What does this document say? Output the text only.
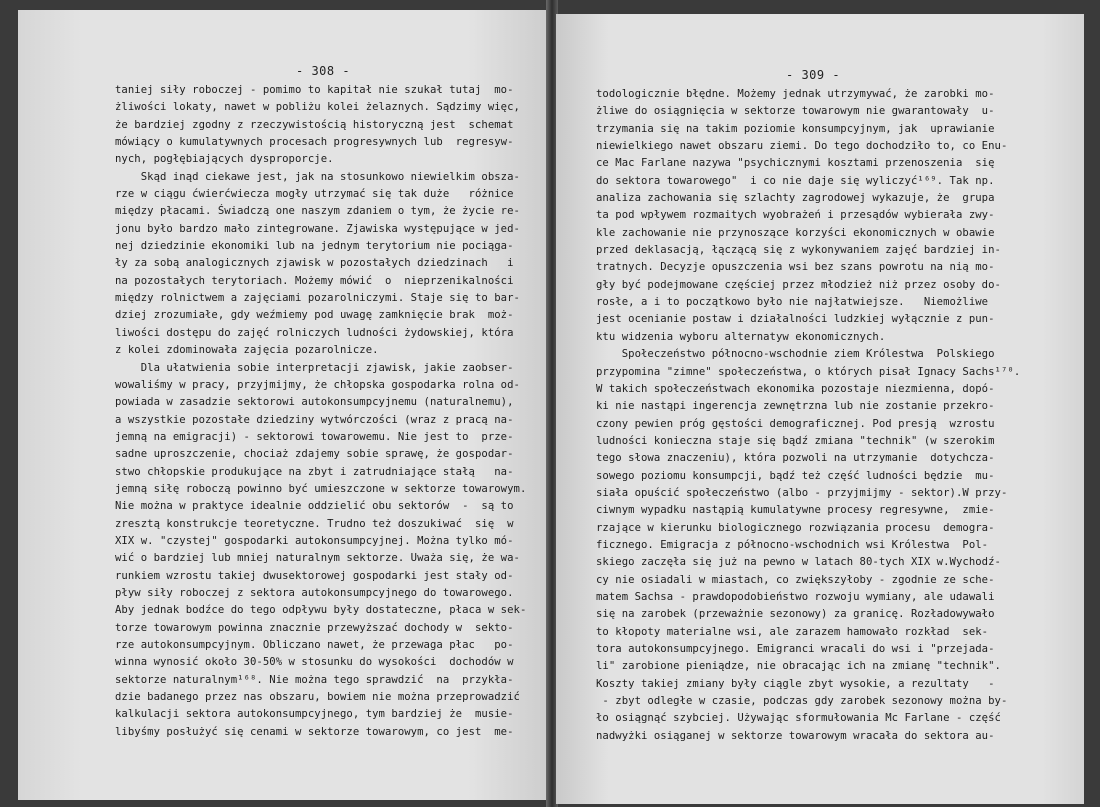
- 308 -
taniej siły roboczej - pomimo to kapitał nie szukał tutaj  mo-
żliwości lokaty, nawet w pobliżu kolei żelaznych. Sądzimy więc,
że bardziej zgodny z rzeczywistością historyczną jest  schemat
mówiący o kumulatywnych procesach progresywnych lub  regresyw-
nych, pogłębiających dysproporcje.
Skąd inąd ciekawe jest, jak na stosunkowo niewielkim obsza-
rze w ciągu ćwierćwiecza mogły utrzymać się tak duże   różnice
między płacami. Świadczą one naszym zdaniem o tym, że życie re-
jonu było bardzo mało zintegrowane. Zjawiska występujące w jed-
nej dziedzinie ekonomiki lub na jednym terytorium nie pociąga-
ły za sobą analogicznych zjawisk w pozostałych dziedzinach   i
na pozostałych terytoriach. Możemy mówić  o  nieprzenikalności
między rolnictwem a zajęciami pozarolniczymi. Staje się to bar-
dziej zrozumiałe, gdy weźmiemy pod uwagę zamknięcie brak  moż-
liwości dostępu do zajęć rolniczych ludności żydowskiej, która
z kolei zdominowała zajęcia pozarolnicze.
Dla ułatwienia sobie interpretacji zjawisk, jakie zaobser-
wowaliśmy w pracy, przyjmijmy, że chłopska gospodarka rolna od-
powiada w zasadzie sektorowi autokonsumpcyjnemu (naturalnemu),
a wszystkie pozostałe dziedziny wytwórczości (wraz z pracą na-
jemną na emigracji) - sektorowi towarowemu. Nie jest to  prze-
sadne uproszczenie, chociaż zdajemy sobie sprawę, że gospodar-
stwo chłopskie produkujące na zbyt i zatrudniające stałą   na-
jemną siłę roboczą powinno być umieszczone w sektorze towarowym.
Nie można w praktyce idealnie oddzielić obu sektorów  -  są to
zresztą konstrukcje teoretyczne. Trudno też doszukiwać  się  w
XIX w. "czystej" gospodarki autokonsumpcyjnej. Można tylko mó-
wić o bardziej lub mniej naturalnym sektorze. Uważa się, że wa-
runkiem wzrostu takiej dwusektorowej gospodarki jest stały od-
pływ siły roboczej z sektora autokonsumpcyjnego do towarowego.
Aby jednak bodźce do tego odpływu były dostateczne, płaca w sek-
torze towarowym powinna znacznie przewyższać dochody w  sekto-
rze autokonsumpcyjnym. Obliczano nawet, że przewaga płac   po-
winna wynosić około 30-50% w stosunku do wysokości  dochodów w
sektorze naturalnym¹⁶⁸. Nie można tego sprawdzić  na  przykła-
dzie badanego przez nas obszaru, bowiem nie można przeprowadzić
kalkulacji sektora autokonsumpcyjnego, tym bardziej że  musie-
libyśmy posłużyć się cenami w sektorze towarowym, co jest  me-
- 309 -
todologicznie błędne. Możemy jednak utrzymywać, że zarobki mo-
żliwe do osiągnięcia w sektorze towarowym nie gwarantowały  u-
trzymania się na takim poziomie konsumpcyjnym, jak  uprawianie
niewielkiego nawet obszaru ziemi. Do tego dochodziło to, co Enu-
ce Mac Farlane nazywa "psychicznymi kosztami przenoszenia  się
do sektora towarowego"  i co nie daje się wyliczyć¹⁶⁹. Tak np.
analiza zachowania się szlachty zagrodowej wykazuje, że  grupa
ta pod wpływem rozmaitych wyobrażeń i przesądów wybierała zwy-
kle zachowanie nie przynoszące korzyści ekonomicznych w obawie
przed deklasacją, łączącą się z wykonywaniem zajęć bardziej in-
tratnych. Decyzje opuszczenia wsi bez szans powrotu na nią mo-
gły być podejmowane częściej przez młodzież niż przez osoby do-
rosłe, a i to początkowo było nie najłatwiejsze.   Niemożliwe
jest ocenianie postaw i działalności ludzkiej wyłącznie z pun-
ktu widzenia wyboru alternatyw ekonomicznych.
Społeczeństwo północno-wschodnie ziem Królestwa  Polskiego
przypomina "zimne" społeczeństwa, o których pisał Ignacy Sachs¹⁷⁰.
W takich społeczeństwach ekonomika pozostaje niezmienna, dopó-
ki nie nastąpi ingerencja zewnętrzna lub nie zostanie przekro-
czony pewien próg gęstości demograficznej. Pod presją  wzrostu
ludności konieczna staje się bądź zmiana "technik" (w szerokim
tego słowa znaczeniu), która pozwoli na utrzymanie  dotychcza-
sowego poziomu konsumpcji, bądź też część ludności będzie  mu-
siała opuścić społeczeństwo (albo - przyjmijmy - sektor).W przy-
ciwnym wypadku nastąpią kumulatywne procesy regresywne,  zmie-
rzające w kierunku biologicznego rozwiązania procesu  demogra-
ficznego. Emigracja z północno-wschodnich wsi Królestwa  Pol-
skiego zaczęła się już na pewno w latach 80-tych XIX w.Wychodź-
cy nie osiadali w miastach, co zwiększyłoby - zgodnie ze sche-
matem Sachsa - prawdopodobieństwo rozwoju wymiany, ale udawali
się na zarobek (przeważnie sezonowy) za granicę. Rozładowywało
to kłopoty materialne wsi, ale zarazem hamowało rozkład  sek-
tora autokonsumpcyjnego. Emigranci wracali do wsi i "przejada-
li" zarobione pieniądze, nie obracając ich na zmianę "technik".
Koszty takiej zmiany były ciągle zbyt wysokie, a rezultaty   -
- zbyt odległe w czasie, podczas gdy zarobek sezonowy można by-
ło osiągnąć szybciej. Używając sformułowania Mc Farlane - część
nadwyżki osiąganej w sektorze towarowym wracała do sektora au-
